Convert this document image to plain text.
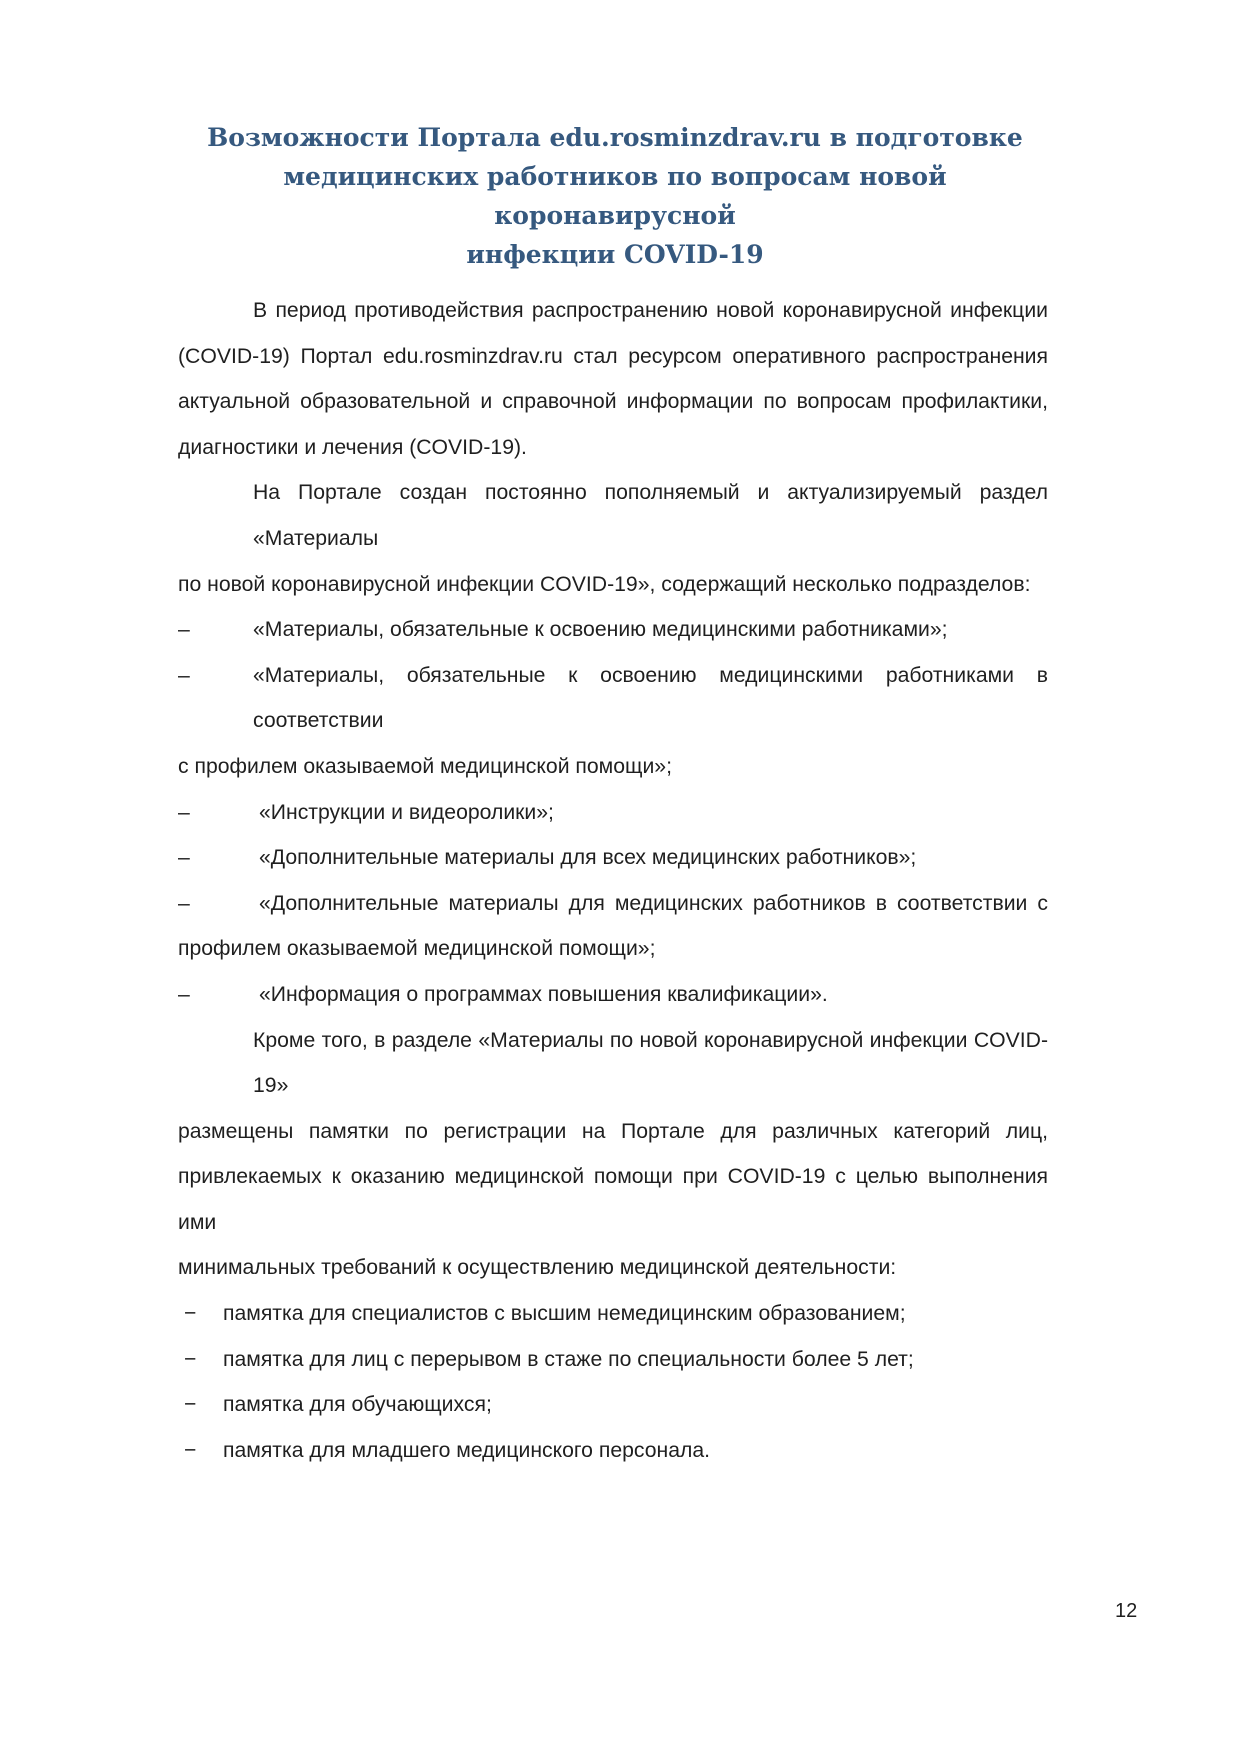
Возможности Портала edu.rosminzdrav.ru в подготовке
медицинских работников по вопросам новой коронавирусной
инфекции COVID-19
В период противодействия распространению новой коронавирусной инфекции
(COVID-19) Портал edu.rosminzdrav.ru стал ресурсом оперативного распространения
актуальной образовательной и справочной информации по вопросам профилактики,
диагностики и лечения (COVID-19).
На Портале создан постоянно пополняемый и актуализируемый раздел «Материалы
по новой коронавирусной инфекции COVID-19», содержащий несколько подразделов:
–	«Материалы, обязательные к освоению медицинскими работниками»;
–	«Материалы, обязательные к освоению медицинскими работниками в соответствии
с профилем оказываемой медицинской помощи»;
–	«Инструкции и видеоролики»;
–	«Дополнительные материалы для всех медицинских работников»;
–	«Дополнительные материалы для медицинских работников в соответствии с
профилем оказываемой медицинской помощи»;
–	«Информация о программах повышения квалификации».
Кроме того, в разделе «Материалы по новой коронавирусной инфекции COVID-19»
размещены памятки по регистрации на Портале для различных категорий лиц,
привлекаемых к оказанию медицинской помощи при COVID-19 с целью выполнения ими
минимальных требований к осуществлению медицинской деятельности:
− памятка для специалистов с высшим немедицинским образованием;
− памятка для лиц с перерывом в стаже по специальности более 5 лет;
− памятка для обучающихся;
− памятка для младшего медицинского персонала.
12
